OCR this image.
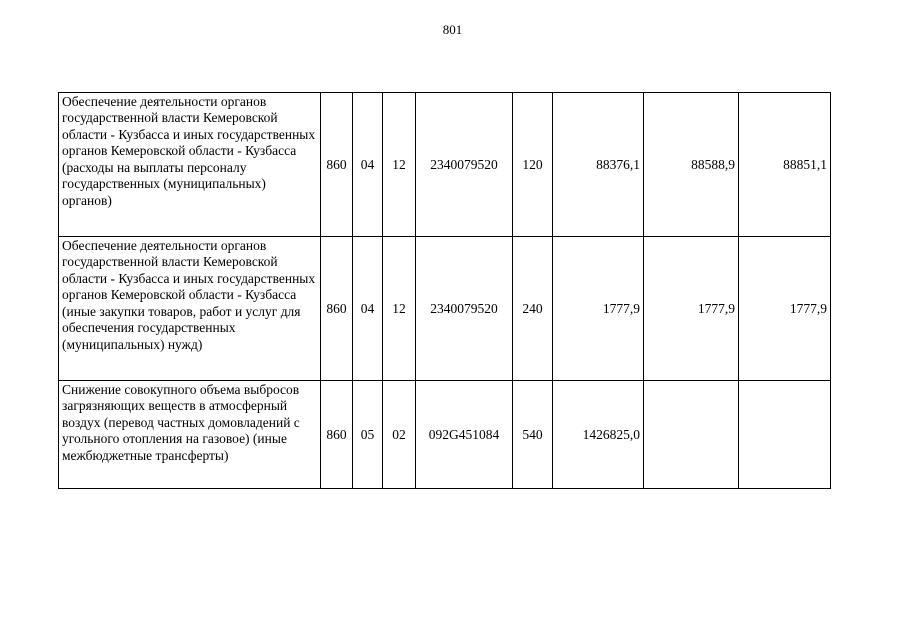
801
Обеспечение деятельности органов государственной власти Кемеровской области - Кузбасса и иных государственных органов Кемеровской области - Кузбасса (расходы на выплаты персоналу государственных (муниципальных) органов)	860	04	12	2340079520	120	88376,1	88588,9	88851,1
Обеспечение деятельности органов государственной власти Кемеровской области - Кузбасса и иных государственных органов Кемеровской области - Кузбасса (иные закупки товаров, работ и услуг для обеспечения государственных (муниципальных) нужд)	860	04	12	2340079520	240	1777,9	1777,9	1777,9
Снижение совокупного объема выбросов загрязняющих веществ в атмосферный воздух (перевод частных домовладений с угольного отопления на газовое) (иные межбюджетные трансферты)	860	05	02	092G451084	540	1426825,0		
